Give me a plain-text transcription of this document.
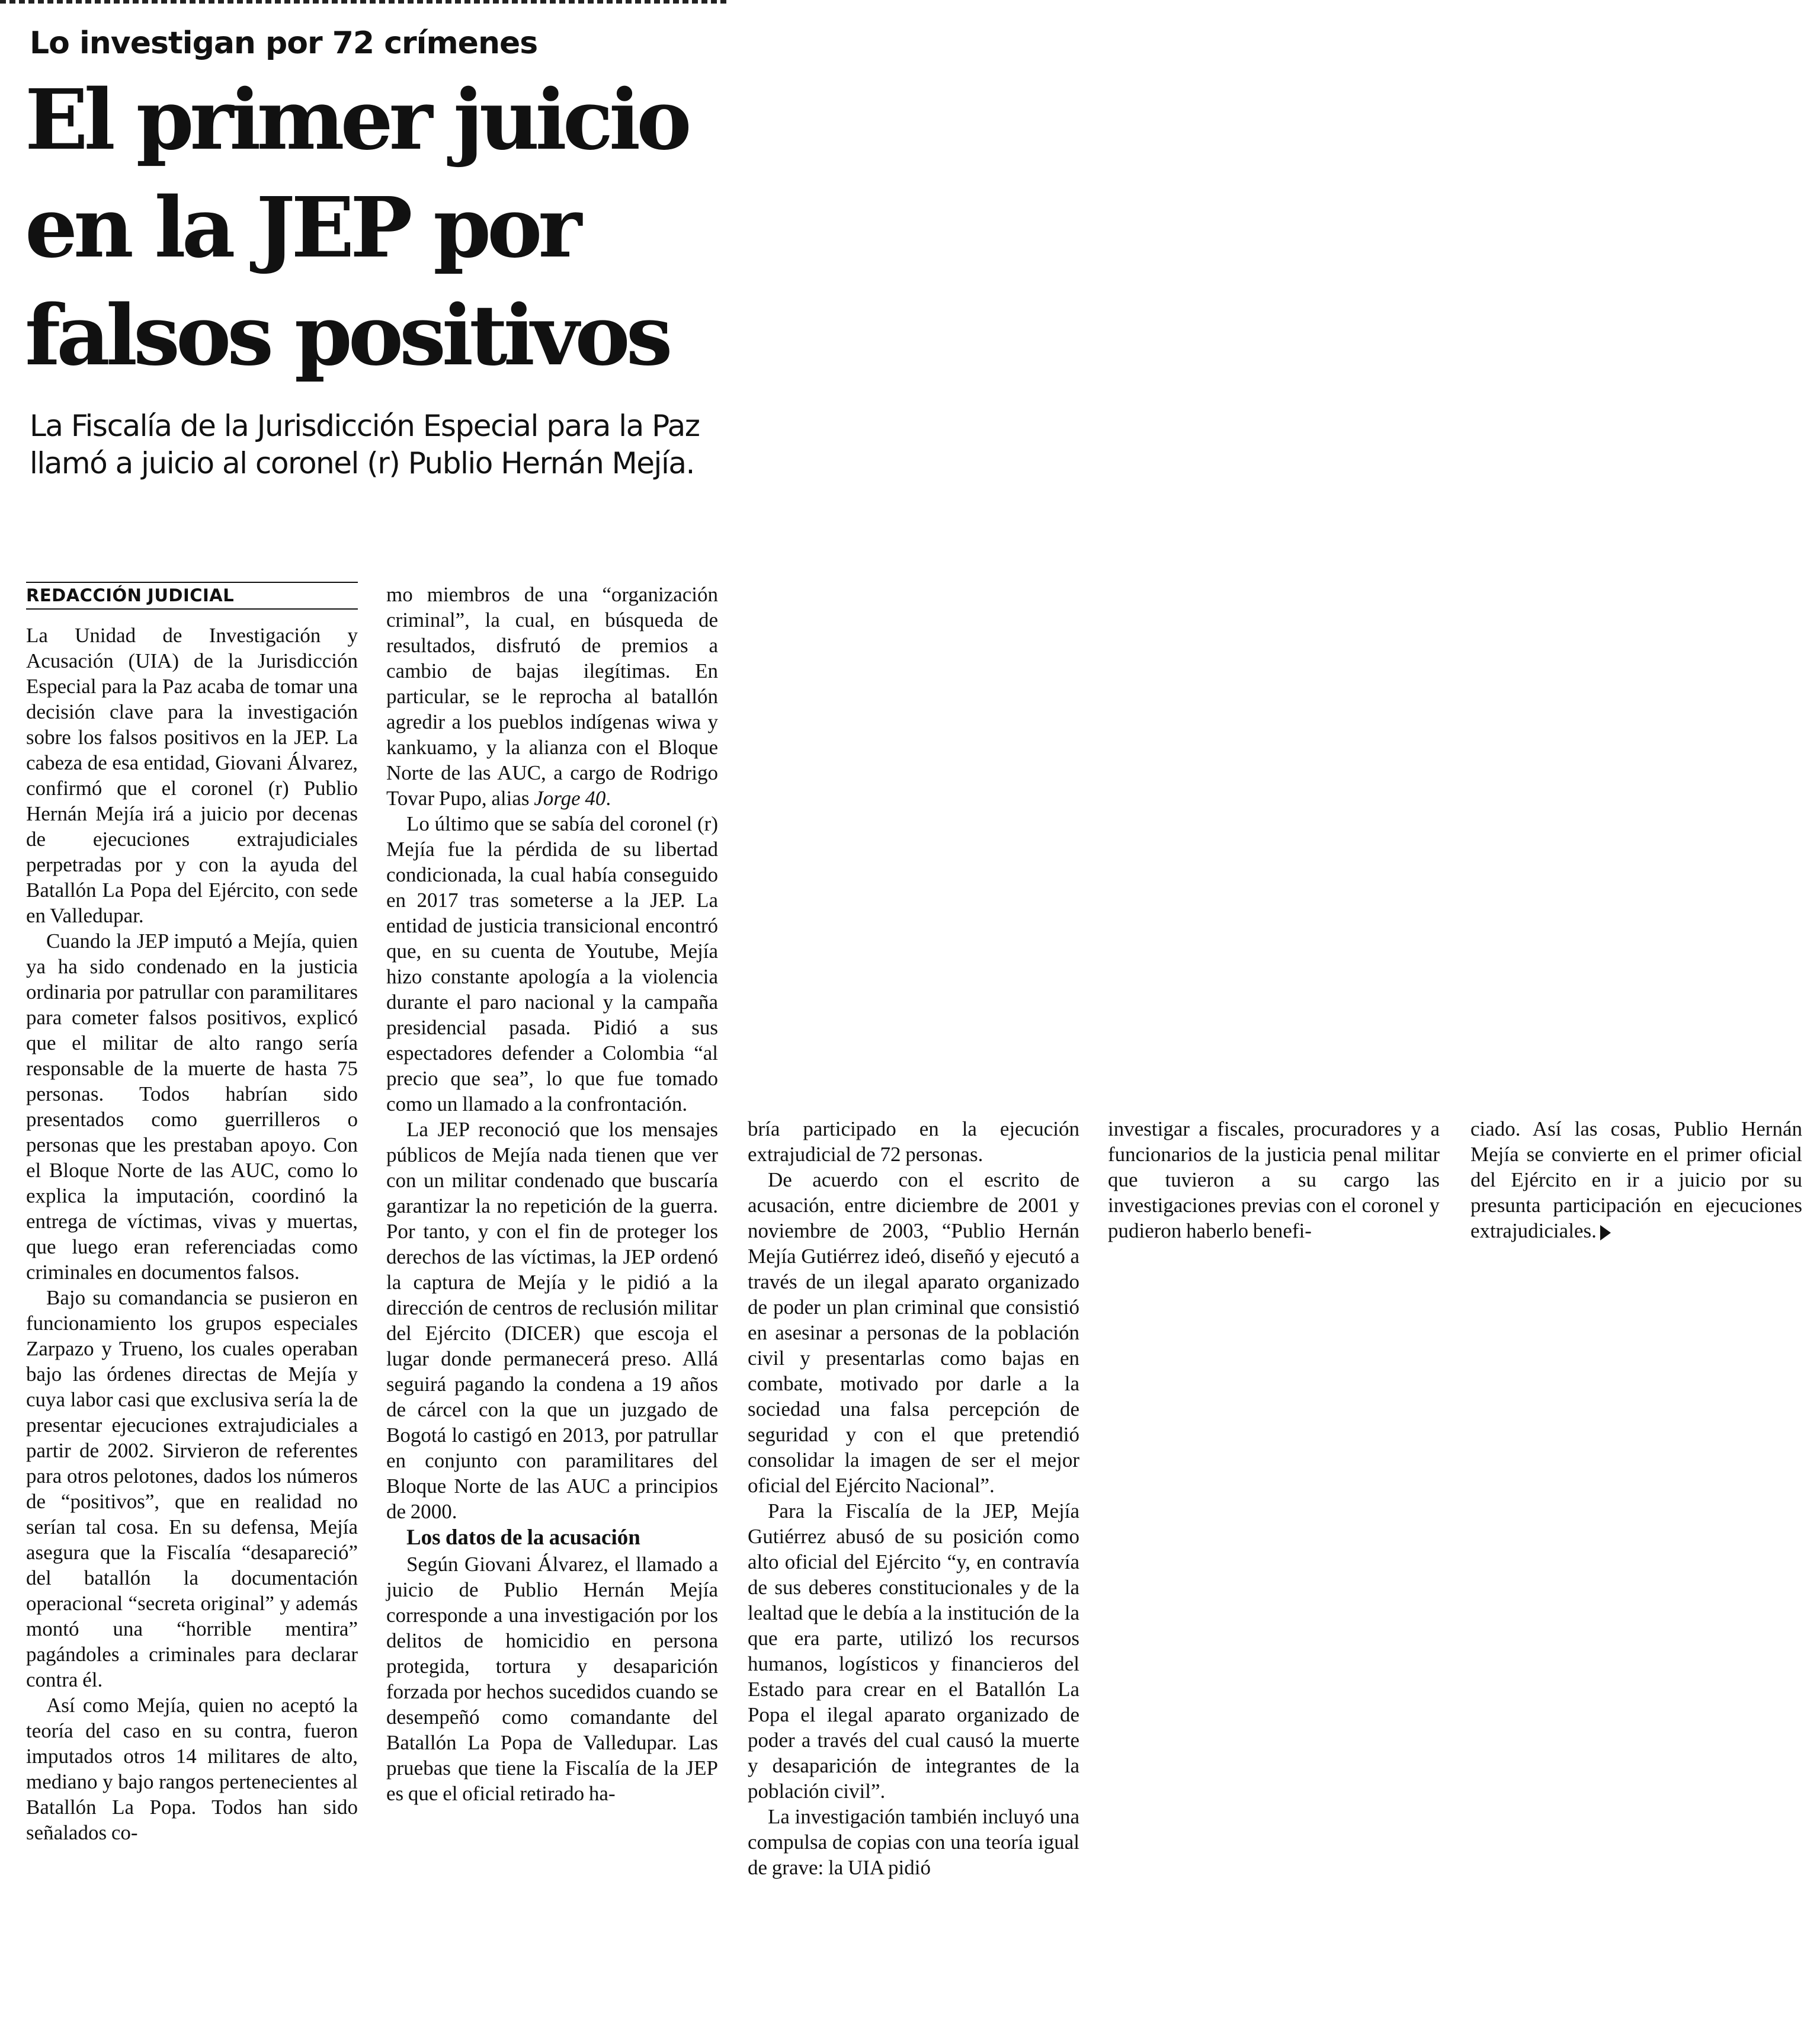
Lo investigan por 72 crímenes
El primer juicio
en la JEP por
falsos positivos

La Fiscalía de la Jurisdicción Especial para la Paz
llamó a juicio al coronel (r) Publio Hernán Mejía.

REDACCIÓN JUDICIAL

La Unidad de Investigación y Acusación (UIA) de la Jurisdicción Especial para la Paz acaba de tomar una decisión clave para la investigación sobre los falsos positivos en la JEP. La cabeza de esa entidad, Giovani Álvarez, confirmó que el coronel (r) Publio Hernán Mejía irá a juicio por decenas de ejecuciones extrajudiciales perpetradas por y con la ayuda del Batallón La Popa del Ejército, con sede en Valledupar.

Cuando la JEP imputó a Mejía, quien ya ha sido condenado en la justicia ordinaria por patrullar con paramilitares para cometer falsos positivos, explicó que el militar de alto rango sería responsable de la muerte de hasta 75 personas. Todos habrían sido presentados como guerrilleros o personas que les prestaban apoyo. Con el Bloque Norte de las AUC, como lo explica la imputación, coordinó la entrega de víctimas, vivas y muertas, que luego eran referenciadas como criminales en documentos falsos.

Bajo su comandancia se pusieron en funcionamiento los grupos especiales Zarpazo y Trueno, los cuales operaban bajo las órdenes directas de Mejía y cuya labor casi que exclusiva sería la de presentar ejecuciones extrajudiciales a partir de 2002. Sirvieron de referentes para otros pelotones, dados los números de “positivos”, que en realidad no serían tal cosa. En su defensa, Mejía asegura que la Fiscalía “desapareció” del batallón la documentación operacional “secreta original” y además montó una “horrible mentira” pagándoles a criminales para declarar contra él.

Así como Mejía, quien no aceptó la teoría del caso en su contra, fueron imputados otros 14 militares de alto, mediano y bajo rangos pertenecientes al Batallón La Popa. Todos han sido señalados co-

mo miembros de una “organización criminal”, la cual, en búsqueda de resultados, disfrutó de premios a cambio de bajas ilegítimas. En particular, se le reprocha al batallón agredir a los pueblos indígenas wiwa y kankuamo, y la alianza con el Bloque Norte de las AUC, a cargo de Rodrigo Tovar Pupo, alias Jorge 40.

Lo último que se sabía del coronel (r) Mejía fue la pérdida de su libertad condicionada, la cual había conseguido en 2017 tras someterse a la JEP. La entidad de justicia transicional encontró que, en su cuenta de Youtube, Mejía hizo constante apología a la violencia durante el paro nacional y la campaña presidencial pasada. Pidió a sus espectadores defender a Colombia “al precio que sea”, lo que fue tomado como un llamado a la confrontación.

La JEP reconoció que los mensajes públicos de Mejía nada tienen que ver con un militar condenado que buscaría garantizar la no repetición de la guerra. Por tanto, y con el fin de proteger los derechos de las víctimas, la JEP ordenó la captura de Mejía y le pidió a la dirección de centros de reclusión militar del Ejército (DICER) que escoja el lugar donde permanecerá preso. Allá seguirá pagando la condena a 19 años de cárcel con la que un juzgado de Bogotá lo castigó en 2013, por patrullar en conjunto con paramilitares del Bloque Norte de las AUC a principios de 2000.

Los datos de la acusación

Según Giovani Álvarez, el llamado a juicio de Publio Hernán Mejía corresponde a una investigación por los delitos de homicidio en persona protegida, tortura y desaparición forzada por hechos sucedidos cuando se desempeñó como comandante del Batallón La Popa de Valledupar. Las pruebas que tiene la Fiscalía de la JEP es que el oficial retirado ha-

bría participado en la ejecución extrajudicial de 72 personas.

De acuerdo con el escrito de acusación, entre diciembre de 2001 y noviembre de 2003, “Publio Hernán Mejía Gutiérrez ideó, diseñó y ejecutó a través de un ilegal aparato organizado de poder un plan criminal que consistió en asesinar a personas de la población civil y presentarlas como bajas en combate, motivado por darle a la sociedad una falsa percepción de seguridad y con el que pretendió consolidar la imagen de ser el mejor oficial del Ejército Nacional”.

Para la Fiscalía de la JEP, Mejía Gutiérrez abusó de su posición como alto oficial del Ejército “y, en contravía de sus deberes constitucionales y de la lealtad que le debía a la institución de la que era parte, utilizó los recursos humanos, logísticos y financieros del Estado para crear en el Batallón La Popa el ilegal aparato organizado de poder a través del cual causó la muerte y desaparición de integrantes de la población civil”.

La investigación también incluyó una compulsa de copias con una teoría igual de grave: la UIA pidió

investigar a fiscales, procuradores y a funcionarios de la justicia penal militar que tuvieron a su cargo las investigaciones previas con el coronel y pudieron haberlo benefi-

ciado. Así las cosas, Publio Hernán Mejía se convierte en el primer oficial del Ejército en ir a juicio por su presunta participación en ejecuciones extrajudiciales.
